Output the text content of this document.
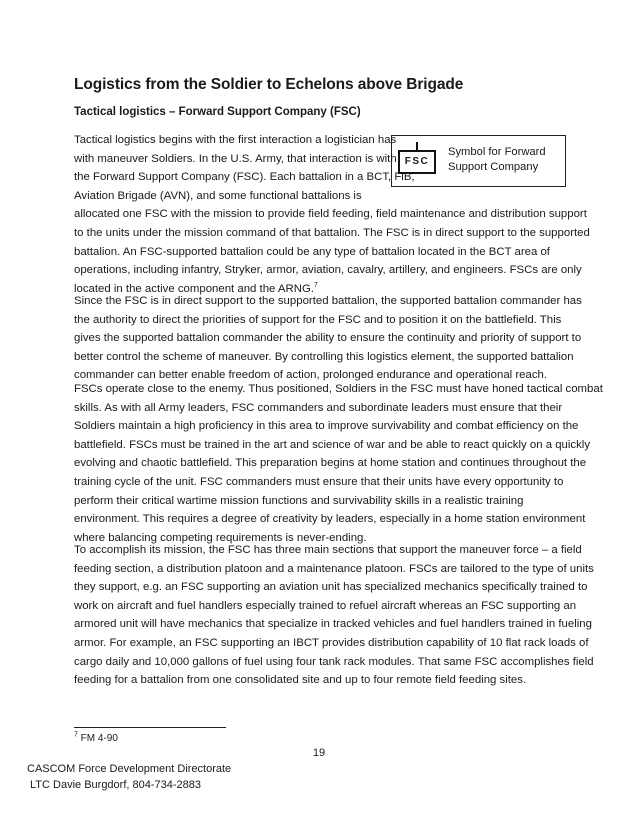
Logistics from the Soldier to Echelons above Brigade
Tactical logistics – Forward Support Company (FSC)
FSC
Symbol for Forward
Support Company
Tactical logistics begins with the first interaction a logistician has
with maneuver Soldiers. In the U.S. Army, that interaction is with
the Forward Support Company (FSC). Each battalion in a BCT, FiB,
Aviation Brigade (AVN), and some functional battalions is
allocated one FSC with the mission to provide field feeding, field maintenance and distribution support
to the units under the mission command of that battalion. The FSC is in direct support to the supported
battalion. An FSC-supported battalion could be any type of battalion located in the BCT area of
operations, including infantry, Stryker, armor, aviation, cavalry, artillery, and engineers. FSCs are only
located in the active component and the ARNG.$^7$
Since the FSC is in direct support to the supported battalion, the supported battalion commander has
the authority to direct the priorities of support for the FSC and to position it on the battlefield. This
gives the supported battalion commander the ability to ensure the continuity and priority of support to
better control the scheme of maneuver. By controlling this logistics element, the supported battalion
commander can better enable freedom of action, prolonged endurance and operational reach.
FSCs operate close to the enemy. Thus positioned, Soldiers in the FSC must have honed tactical combat
skills. As with all Army leaders, FSC commanders and subordinate leaders must ensure that their
Soldiers maintain a high proficiency in this area to improve survivability and combat efficiency on the
battlefield. FSCs must be trained in the art and science of war and be able to react quickly on a quickly
evolving and chaotic battlefield. This preparation begins at home station and continues throughout the
training cycle of the unit. FSC commanders must ensure that their units have every opportunity to
perform their critical wartime mission functions and survivability skills in a realistic training
environment. This requires a degree of creativity by leaders, especially in a home station environment
where balancing competing requirements is never-ending.
To accomplish its mission, the FSC has three main sections that support the maneuver force – a field
feeding section, a distribution platoon and a maintenance platoon. FSCs are tailored to the type of units
they support, e.g. an FSC supporting an aviation unit has specialized mechanics specifically trained to
work on aircraft and fuel handlers especially trained to refuel aircraft whereas an FSC supporting an
armored unit will have mechanics that specialize in tracked vehicles and fuel handlers trained in fueling
armor. For example, an FSC supporting an IBCT provides distribution capability of 10 flat rack loads of
cargo daily and 10,000 gallons of fuel using four tank rack modules. That same FSC accomplishes field
feeding for a battalion from one consolidated site and up to four remote field feeding sites.
$^7$ FM 4-90
19
CASCOM Force Development Directorate
LTC Davie Burgdorf, 804-734-2883
